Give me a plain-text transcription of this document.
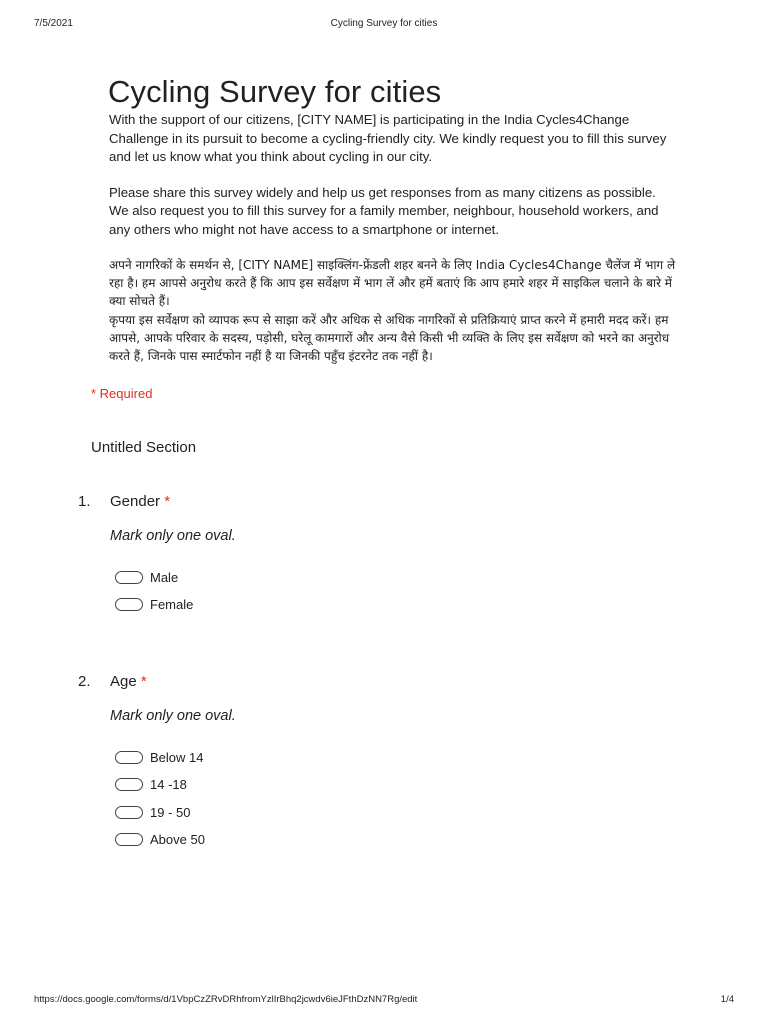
7/5/2021	Cycling Survey for cities
Cycling Survey for cities

With the support of our citizens, [CITY NAME] is participating in the India Cycles4Change Challenge in its pursuit to become a cycling-friendly city. We kindly request you to fill this survey and let us know what you think about cycling in our city.

Please share this survey widely and help us get responses from as many citizens as possible. We also request you to fill this survey for a family member, neighbour, household workers, and any others who might not have access to a smartphone or internet.

अपने नागरिकों के समर्थन से, [CITY NAME] साइक्लिंग-फ्रेंडली शहर बनने के लिए India Cycles4Change चैलेंज में भाग ले रहा है। हम आपसे अनुरोध करते हैं कि आप इस सर्वेक्षण में भाग लें और हमें बताएं कि आप हमारे शहर में साइकिल चलाने के बारे में क्या सोचते हैं।

कृपया इस सर्वेक्षण को व्यापक रूप से साझा करें और अधिक से अधिक नागरिकों से प्रतिक्रियाएं प्राप्त करने में हमारी मदद करें। हम आपसे, आपके परिवार के सदस्य, पड़ोसी, घरेलू कामगारों और अन्य वैसे किसी भी व्यक्ति के लिए इस सर्वेक्षण को भरने का अनुरोध करते हैं, जिनके पास स्मार्टफोन नहीं है या जिनकी पहुँच इंटरनेट तक नहीं है।

* Required
Untitled Section
1. Gender *
Mark only one oval.
Male
Female
2. Age *
Mark only one oval.
Below 14
14 -18
19 - 50
Above 50
https://docs.google.com/forms/d/1VbpCzZRvDRhfromYzlIrBhq2jcwdv6ieJFthDzNN7Rg/edit	1/4
